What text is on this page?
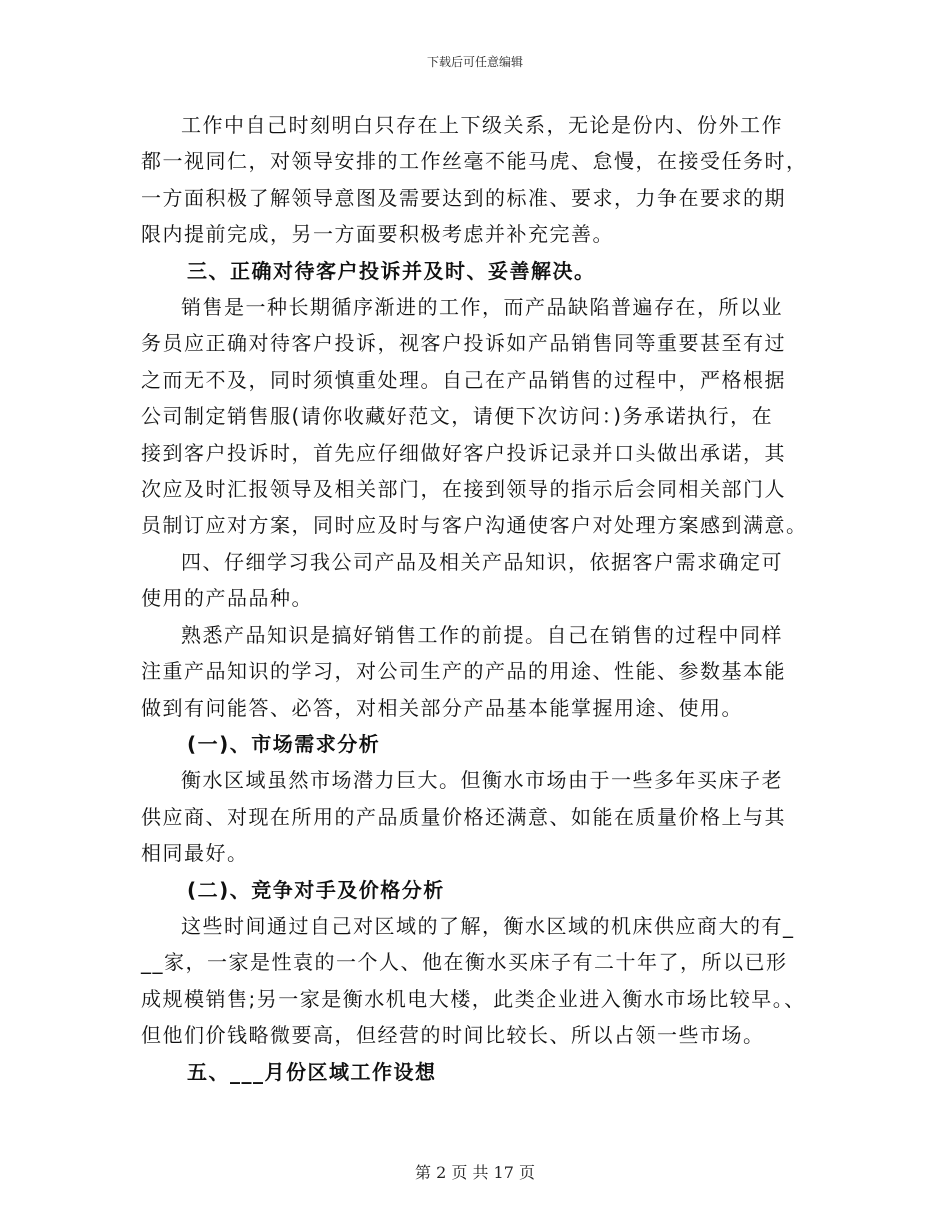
下载后可任意编辑

工作中自己时刻明白只存在上下级关系，无论是份内、份外工作
都一视同仁，对领导安排的工作丝毫不能马虎、怠慢，在接受任务时，
一方面积极了解领导意图及需要达到的标准、要求，力争在要求的期
限内提前完成，另一方面要积极考虑并补充完善。

三、正确对待客户投诉并及时、妥善解决。

销售是一种长期循序渐进的工作，而产品缺陷普遍存在，所以业
务员应正确对待客户投诉，视客户投诉如产品销售同等重要甚至有过
之而无不及，同时须慎重处理。自己在产品销售的过程中，严格根据
公司制定销售服(请你收藏好范文，请便下次访问：)务承诺执行，在
接到客户投诉时，首先应仔细做好客户投诉记录并口头做出承诺，其
次应及时汇报领导及相关部门，在接到领导的指示后会同相关部门人
员制订应对方案，同时应及时与客户沟通使客户对处理方案感到满意。

四、仔细学习我公司产品及相关产品知识，依据客户需求确定可
使用的产品品种。

熟悉产品知识是搞好销售工作的前提。自己在销售的过程中同样
注重产品知识的学习，对公司生产的产品的用途、性能、参数基本能
做到有问能答、必答，对相关部分产品基本能掌握用途、使用。

(一)、市场需求分析

衡水区域虽然市场潜力巨大。但衡水市场由于一些多年买床子老
供应商、对现在所用的产品质量价格还满意、如能在质量价格上与其
相同最好。

(二)、竞争对手及价格分析

这些时间通过自己对区域的了解，衡水区域的机床供应商大的有_
__家，一家是性袁的一个人、他在衡水买床子有二十年了，所以已形
成规模销售;另一家是衡水机电大楼，此类企业进入衡水市场比较早。、
但他们价钱略微要高，但经营的时间比较长、所以占领一些市场。

五、___月份区域工作设想

第 2 页 共 17 页
